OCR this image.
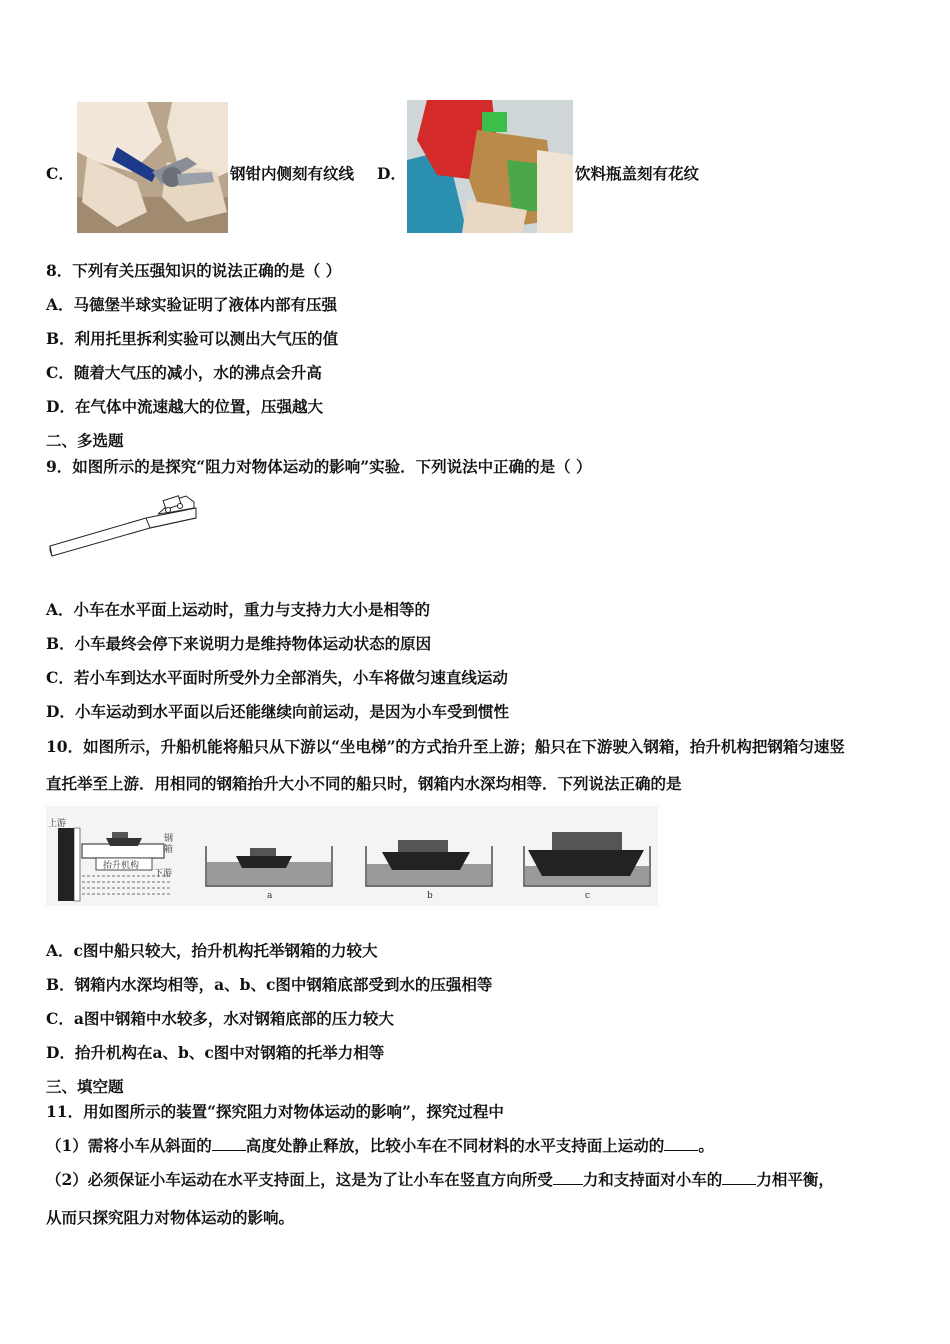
C．	钢钳内侧刻有纹线 D．	饮料瓶盖刻有花纹
8．下列有关压强知识的说法正确的是（ ）
A．马德堡半球实验证明了液体内部有压强
B．利用托里拆利实验可以测出大气压的值
C．随着大气压的减小，水的沸点会升高
D．在气体中流速越大的位置，压强越大
二、多选题
9．如图所示的是探究“阻力对物体运动的影响”实验．下列说法中正确的是（ ）
A．小车在水平面上运动时，重力与支持力大小是相等的
B．小车最终会停下来说明力是维持物体运动状态的原因
C．若小车到达水平面时所受外力全部消失，小车将做匀速直线运动
D．小车运动到水平面以后还能继续向前运动，是因为小车受到惯性
10．如图所示，升船机能将船只从下游以“坐电梯”的方式抬升至上游；船只在下游驶入钢箱，抬升机构把钢箱匀速竖
直托举至上游．用相同的钢箱抬升大小不同的船只时，钢箱内水深均相等．下列说法正确的是
上游
钢箱
抬升机构
下游
a	b	c
A．c图中船只较大，抬升机构托举钢箱的力较大
B．钢箱内水深均相等，a、b、c图中钢箱底部受到水的压强相等
C．a图中钢箱中水较多，水对钢箱底部的压力较大
D．抬升机构在a、b、c图中对钢箱的托举力相等
三、填空题
11．用如图所示的装置“探究阻力对物体运动的影响”，探究过程中
（1）需将小车从斜面的 高度处静止释放，比较小车在不同材料的水平支持面上运动的 。
（2）必须保证小车运动在水平支持面上，这是为了让小车在竖直方向所受 力和支持面对小车的 力相平衡，
从而只探究阻力对物体运动的影响。
